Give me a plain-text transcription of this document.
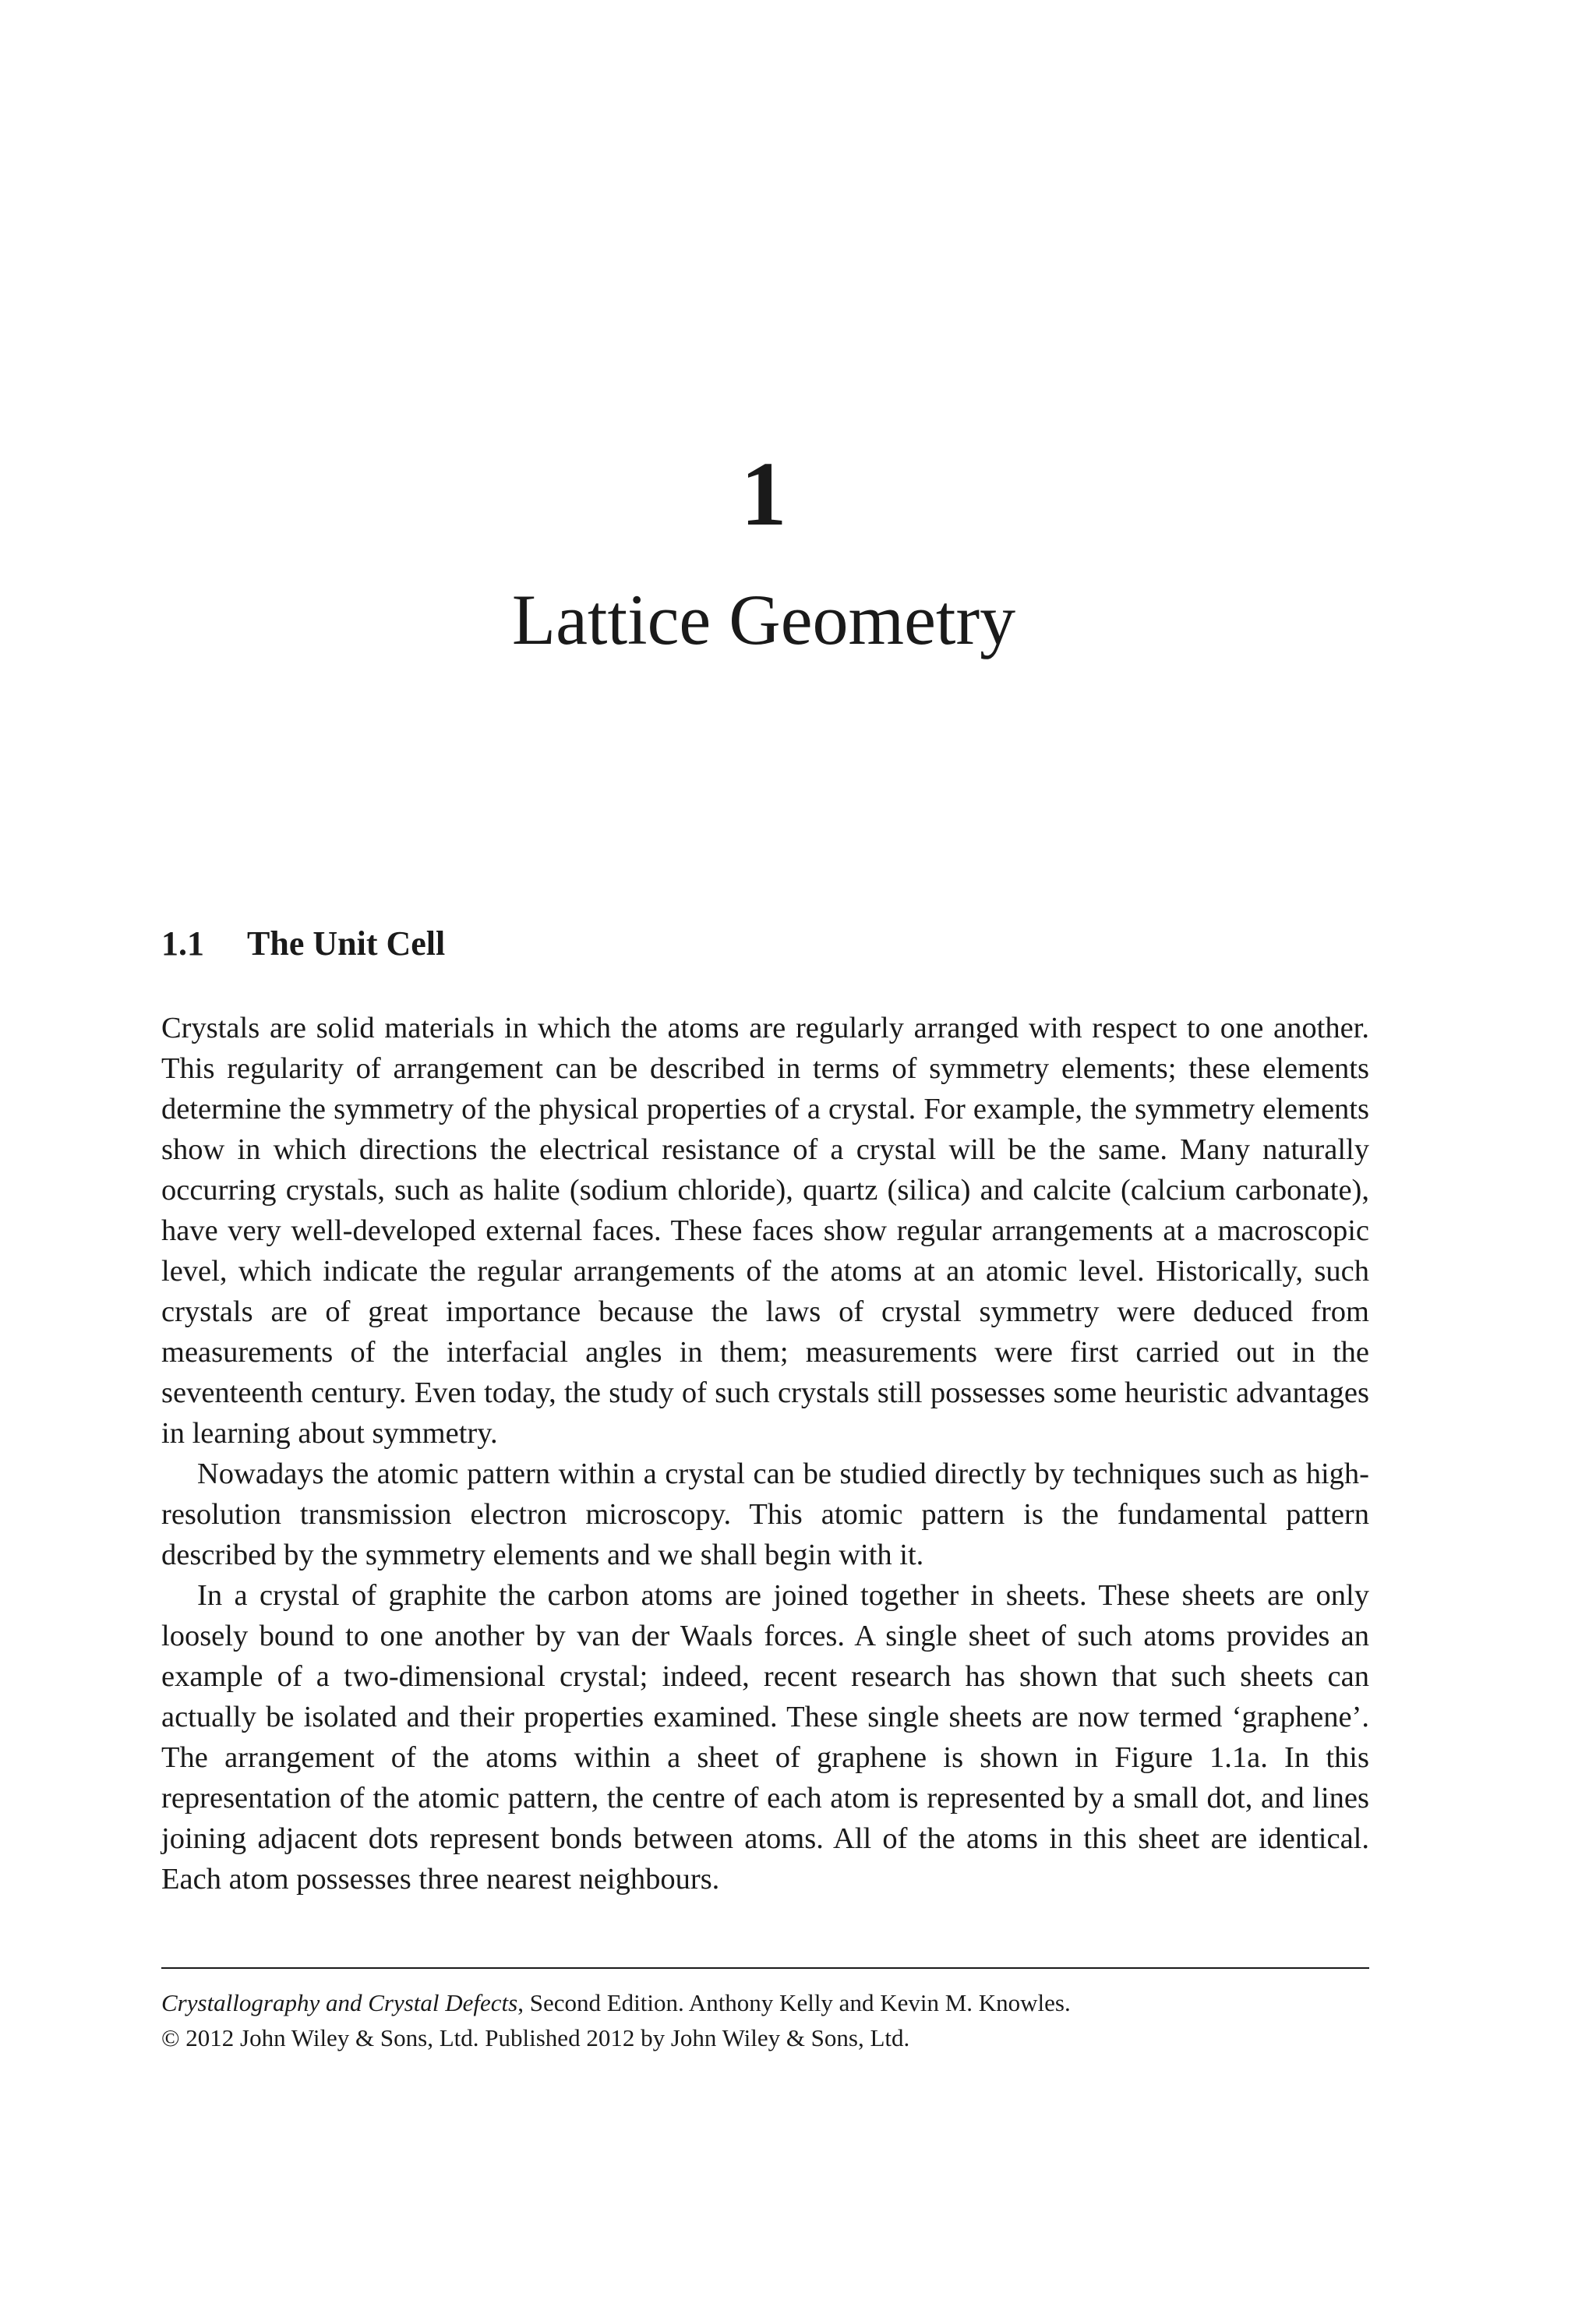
1
Lattice Geometry
1.1 The Unit Cell

Crystals are solid materials in which the atoms are regularly arranged with respect to one another. This regularity of arrangement can be described in terms of symmetry elements; these elements determine the symmetry of the physical properties of a crystal. For example, the symmetry elements show in which directions the electrical resistance of a crystal will be the same. Many naturally occurring crystals, such as halite (sodium chloride), quartz (silica) and calcite (calcium carbonate), have very well-developed external faces. These faces show regular arrangements at a macroscopic level, which indicate the regular arrangements of the atoms at an atomic level. Historically, such crystals are of great importance because the laws of crystal symmetry were deduced from measurements of the interfacial angles in them; measurements were first carried out in the seventeenth century. Even today, the study of such crystals still possesses some heuristic advantages in learning about symmetry.

Nowadays the atomic pattern within a crystal can be studied directly by techniques such as high-resolution transmission electron microscopy. This atomic pattern is the fundamental pattern described by the symmetry elements and we shall begin with it.

In a crystal of graphite the carbon atoms are joined together in sheets. These sheets are only loosely bound to one another by van der Waals forces. A single sheet of such atoms provides an example of a two-dimensional crystal; indeed, recent research has shown that such sheets can actually be isolated and their properties examined. These single sheets are now termed ‘graphene’. The arrangement of the atoms within a sheet of graphene is shown in Figure 1.1a. In this representation of the atomic pattern, the centre of each atom is represented by a small dot, and lines joining adjacent dots represent bonds between atoms. All of the atoms in this sheet are identical. Each atom possesses three nearest neighbours.

Crystallography and Crystal Defects, Second Edition. Anthony Kelly and Kevin M. Knowles.
© 2012 John Wiley & Sons, Ltd. Published 2012 by John Wiley & Sons, Ltd.
